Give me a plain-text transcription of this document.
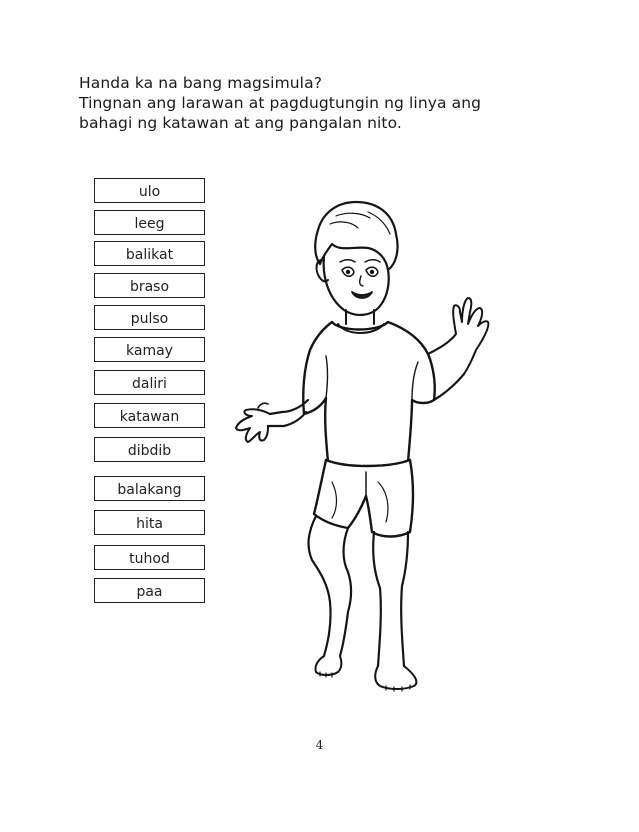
Handa ka na bang magsimula?
Tingnan ang larawan at pagdugtungin ng linya ang
bahagi ng katawan at ang pangalan nito.
ulo
leeg
balikat
braso
pulso
kamay
daliri
katawan
dibdib
balakang
hita
tuhod
paa
4
